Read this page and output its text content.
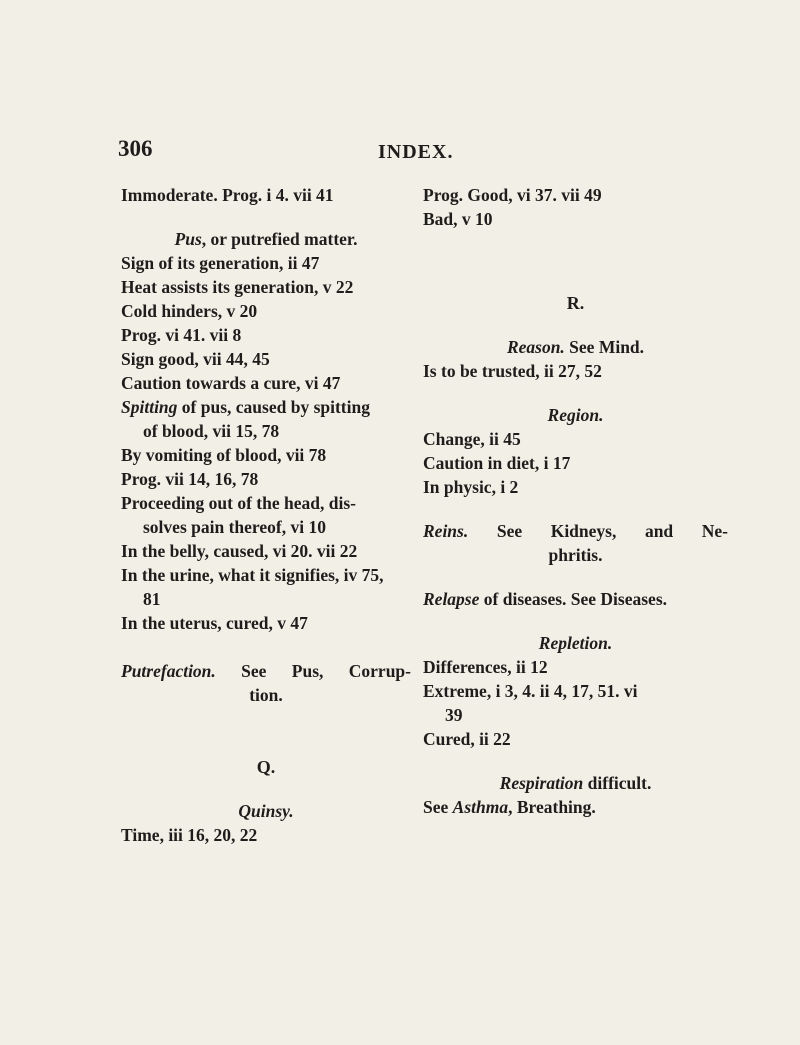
306	INDEX.

Immoderate. Prog. i 4. vii 41

Pus, or putrefied matter.

Sign of its generation, ii 47

Heat assists its generation, v 22

Cold hinders, v 20

Prog. vi 41. vii 8

Sign good, vii 44, 45

Caution towards a cure, vi 47

Spitting of pus, caused by spitting

of blood, vii 15, 78

By vomiting of blood, vii 78

Prog. vii 14, 16, 78

Proceeding out of the head, dis-

solves pain thereof, vi 10

In the belly, caused, vi 20. vii 22

In the urine, what it signifies, iv 75,

81

In the uterus, cured, v 47

Putrefaction. See Pus, Corrup-

tion.

Q.

Quinsy.

Time, iii 16, 20, 22

Prog. Good, vi 37. vii 49

Bad, v 10

R.

Reason. See Mind.

Is to be trusted, ii 27, 52

Region.

Change, ii 45

Caution in diet, i 17

In physic, i 2

Reins. See Kidneys, and Ne-

phritis.

Relapse of diseases. See Diseases.

Repletion.

Differences, ii 12

Extreme, i 3, 4. ii 4, 17, 51. vi

39

Cured, ii 22

Respiration difficult.

See Asthma, Breathing.
